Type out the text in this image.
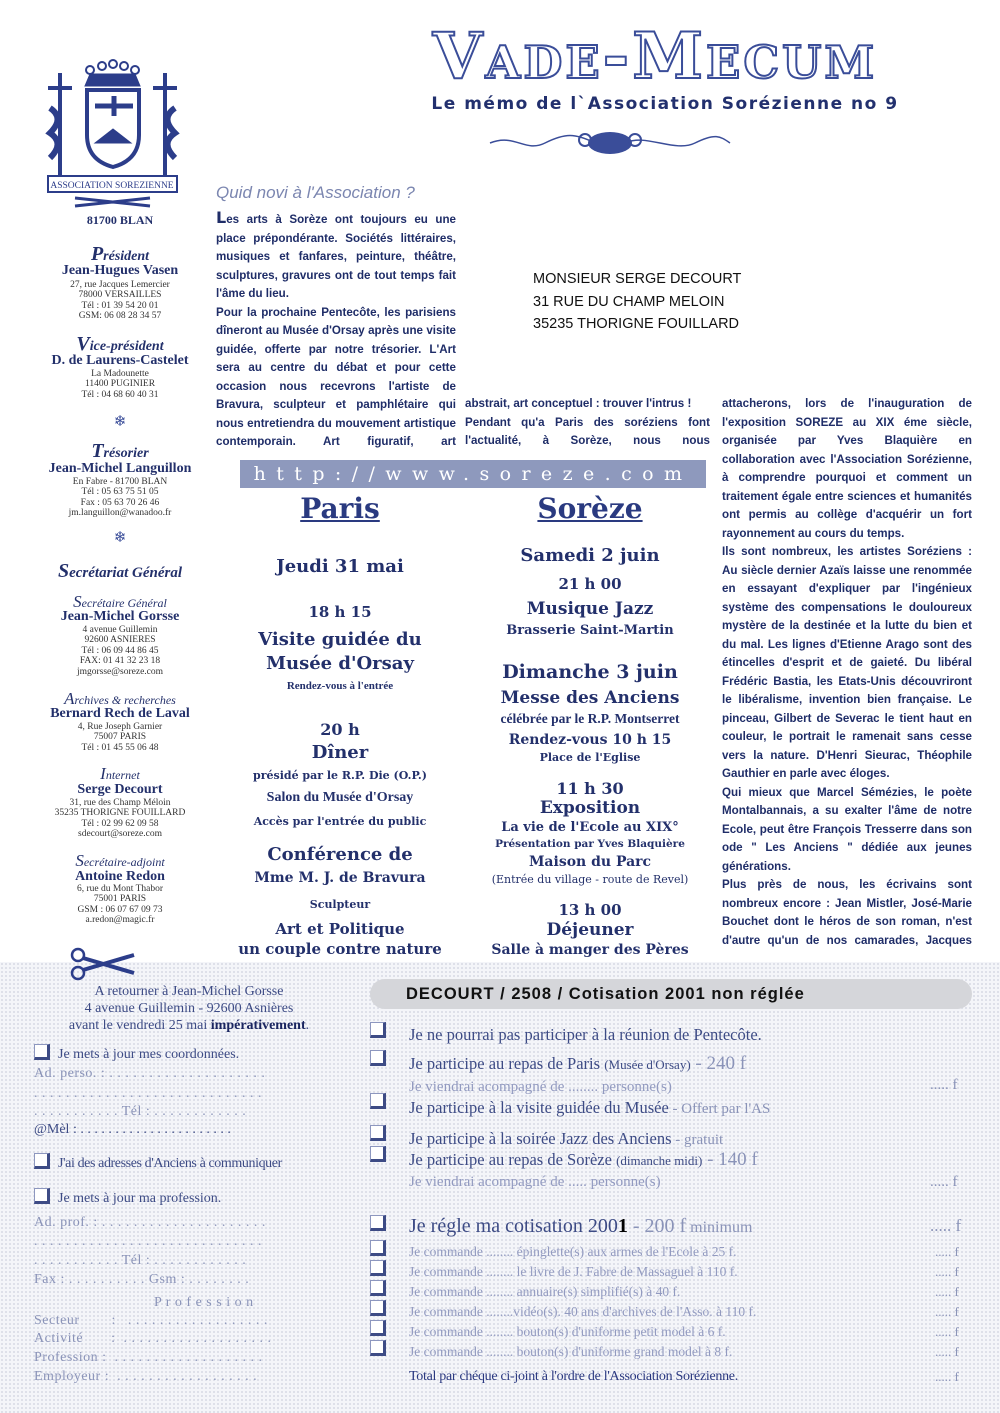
Vade-Mecum
Le mémo de l`Association Sorézienne no 9
ASSOCIATION SOREZIENNE
81700 BLAN
Président
Jean-Hugues Vasen
27, rue Jacques Lemercier
78000 VERSAILLES
Tél : 01 39 54 20 01
GSM: 06 08 28 34 57
Vice-président
D. de Laurens-Castelet
La Madounette
11400 PUGINIER
Tél : 04 68 60 40 31
❄
Trésorier
Jean-Michel Languillon
En Fabre - 81700 BLAN
Tél : 05 63 75 51 05
Fax : 05 63 70 26 46
jm.languillon@wanadoo.fr
❄
Secrétariat Général
Secrétaire Général
Jean-Michel Gorsse
4 avenue Guillemin
92600 ASNIERES
Tél : 06 09 44 86 45
FAX: 01 41 32 23 18
jmgorsse@soreze.com
Archives & recherches
Bernard Rech de Laval
4, Rue Joseph Garnier
75007 PARIS
Tél : 01 45 55 06 48
Internet
Serge Decourt
31, rue des Champ Méloin
35235 THORIGNE FOUILLARD
Tél : 02 99 62 09 58
sdecourt@soreze.com
Secrétaire-adjoint
Antoine Redon
6, rue du Mont Thabor
75001 PARIS
GSM : 06 07 67 09 73
a.redon@magic.fr
Quid novi à l'Association ?

Les arts à Sorèze ont toujours eu une place prépondérante. Sociétés littéraires, musiques et fanfares, peinture, théâtre, sculptures, gravures ont de tout temps fait l'âme du lieu.

Pour la prochaine Pentecôte, les parisiens dîneront au Musée d'Orsay après une visite guidée, offerte par notre trésorier. L'Art sera au centre du débat et pour cette occasion nous recevrons l'artiste de Bravura, sculpteur et pamphlétaire qui nous entretiendra du mouvement artistique contemporain. Art figuratif, art

abstrait, art conceptuel : trouver l'intrus !

Pendant qu'a Paris des soréziens font l'actualité, à Sorèze, nous nous

attacherons, lors de l'inauguration de l'exposition SOREZE au XIX éme siècle, organisée par Yves Blaquière en collaboration avec l'Association Sorézienne, à comprendre pourquoi et comment un traitement égale entre sciences et humanités ont permis au collège d'acquérir un fort rayonnement au cours du temps.

Ils sont nombreux, les artistes Soréziens : Au siècle dernier Azaïs laisse une renommée en essayant d'expliquer par l'ingénieux système des compensations le douloureux mystère de la destinée et la lutte du bien et du mal. Les lignes d'Etienne Arago sont des étincelles d'esprit et de gaieté. Du libéral Frédéric Bastia, les Etats-Unis découvriront le libéralisme, invention bien française. Le pinceau, Gilbert de Severac le tient haut en couleur, le portrait le ramenait sans cesse vers la nature. D'Henri Sieurac, Théophile Gauthier en parle avec éloges.

Qui mieux que Marcel Sémézies, le poète Montalbannais, a su exalter l'âme de notre Ecole, peut être François Tresserre dans son ode " Les Anciens " dédiée aux jeunes générations.

Plus près de nous, les écrivains sont nombreux encore : Jean Mistler, José-Marie Bouchet dont le héros de son roman, n'est d'autre qu'un de nos camarades, Jacques

MONSIEUR SERGE DECOURT
31 RUE DU CHAMP MELOIN
35235 THORIGNE FOUILLARD
http://www.soreze.com
Paris
Jeudi 31 mai
18 h 15
Visite guidée du
Musée d'Orsay
Rendez-vous à l'entrée
20 h
Dîner
présidé par le R.P. Die (O.P.)
Salon du Musée d'Orsay
Accès par l'entrée du public
Conférence de
Mme M. J. de Bravura
Sculpteur
Art et Politique
un couple contre nature
Sorèze
Samedi 2 juin
21 h 00
Musique Jazz
Brasserie Saint-Martin
Dimanche 3 juin
Messe des Anciens
célébrée par le R.P. Montserret
Rendez-vous 10 h 15
Place de l'Eglise
11 h 30
Exposition
La vie de l'Ecole au XIX°
Présentation par Yves Blaquière
Maison du Parc
(Entrée du village - route de Revel)
13 h 00
Déjeuner
Salle à manger des Pères
A retourner à Jean-Michel Gorsse
4 avenue Guillemin - 92600 Asnières
avant le vendredi 25 mai impérativement.
Je mets à jour mes coordonnées.
Ad. perso. : . . . . . . . . . . . . . . . . . . . .
. . . . . . . . . . . . . . . . . . . . . . . . . . . . .
. . . . . . . . . . . Tél : . . . . . . . . . . . .
@Mèl : . . . . . . . . . . . . . . . . . . . . . .
J'ai des adresses d'Anciens à communiquer
Je mets à jour ma profession.
Ad. prof. : . . . . . . . . . . . . . . . . . . . . .
. . . . . . . . . . . . . . . . . . . . . . . . . . . . .
. . . . . . . . . . . Tél : . . . . . . . . . . . .
Fax : . . . . . . . . . . Gsm : . . . . . . . .
P r o f e s s i o n
Secteur        :   . . . . . . . . . . . . . . . . . .
Activité       :  . . . . . . . . . . . . . . . . . . .
Profession :  . . . . . . . . . . . . . . . . . . .
Employeur :  . . . . . . . . . . . . . . . . . .
DECOURT / 2508 / Cotisation 2001 non réglée
Je ne pourrai pas participer à la réunion de Pentecôte.
Je participe au repas de Paris (Musée d'Orsay) - 240 f
Je viendrai acompagné de ........ personne(s)	..... f
Je participe à la visite guidée du Musée - Offert par l'AS
Je participe à la soirée Jazz des Anciens - gratuit
Je participe au repas de Sorèze (dimanche midi) - 140 f
Je viendrai acompagné de ..... personne(s)	..... f
Je régle ma cotisation 2001 - 200 f minimum	..... f
Je commande ........ épinglette(s) aux armes de l'Ecole à 25 f.	..... f
Je commande ........ le livre de J. Fabre de Massaguel à 110 f.	..... f
Je commande ........ annuaire(s) simplifié(s) à 40 f.	..... f
Je commande ........vidéo(s). 40 ans d'archives de l'Asso. à 110 f.	..... f
Je commande ........ bouton(s) d'uniforme petit model à 6 f.	..... f
Je commande ........ bouton(s) d'uniforme grand model à 8 f.	..... f
Total par chéque ci-joint à l'ordre de l'Association Sorézienne.	..... f
